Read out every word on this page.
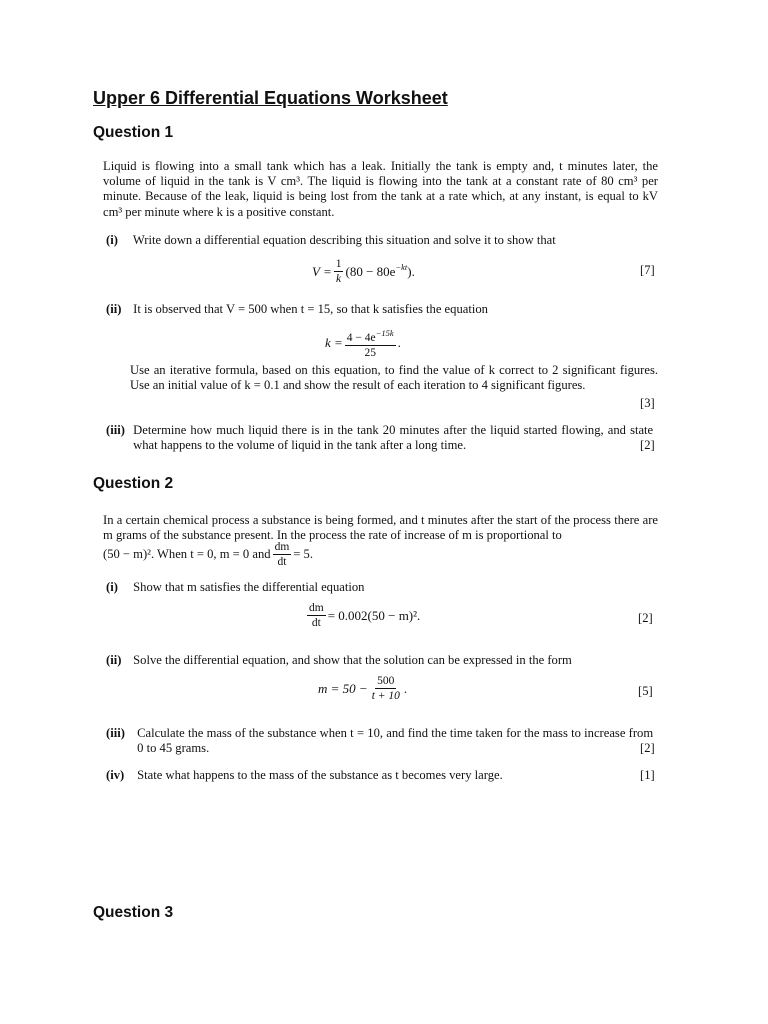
Upper 6 Differential Equations Worksheet
Question 1
Liquid is flowing into a small tank which has a leak. Initially the tank is empty and, t minutes later, the volume of liquid in the tank is V cm³. The liquid is flowing into the tank at a constant rate of 80 cm³ per minute. Because of the leak, liquid is being lost from the tank at a rate which, at any instant, is equal to kV cm³ per minute where k is a positive constant.
(i) Write down a differential equation describing this situation and solve it to show that
$V = \frac{1}{k} (80 - 80e$ $^{-kt}$ ).	[7]
(ii) It is observed that V = 500 when t = 15, so that k satisfies the equation
$k = \frac{4 - 4e^{-15k}}{25}$ .
Use an iterative formula, based on this equation, to find the value of k correct to 2 significant figures. Use an initial value of k = 0.1 and show the result of each iteration to 4 significant figures.
[3]
(iii) Determine how much liquid there is in the tank 20 minutes after the liquid started flowing, and state what happens to the volume of liquid in the tank after a long time.	[2]
Question 2
In a certain chemical process a substance is being formed, and t minutes after the start of the process there are m grams of the substance present. In the process the rate of increase of m is proportional to
(50 − m)². When t = 0, m = 0 and $\frac{dm}{dt} = 5$.
(i) Show that m satisfies the differential equation
$\frac{dm}{dt} = 0.002(50 - m)^2$.	[2]
(ii) Solve the differential equation, and show that the solution can be expressed in the form
$m = 50 - \frac{500}{t + 10}$ .	[5]
(iii) Calculate the mass of the substance when t = 10, and find the time taken for the mass to increase from 0 to 45 grams.	[2]
(iv) State what happens to the mass of the substance as t becomes very large.	[1]
Question 3
